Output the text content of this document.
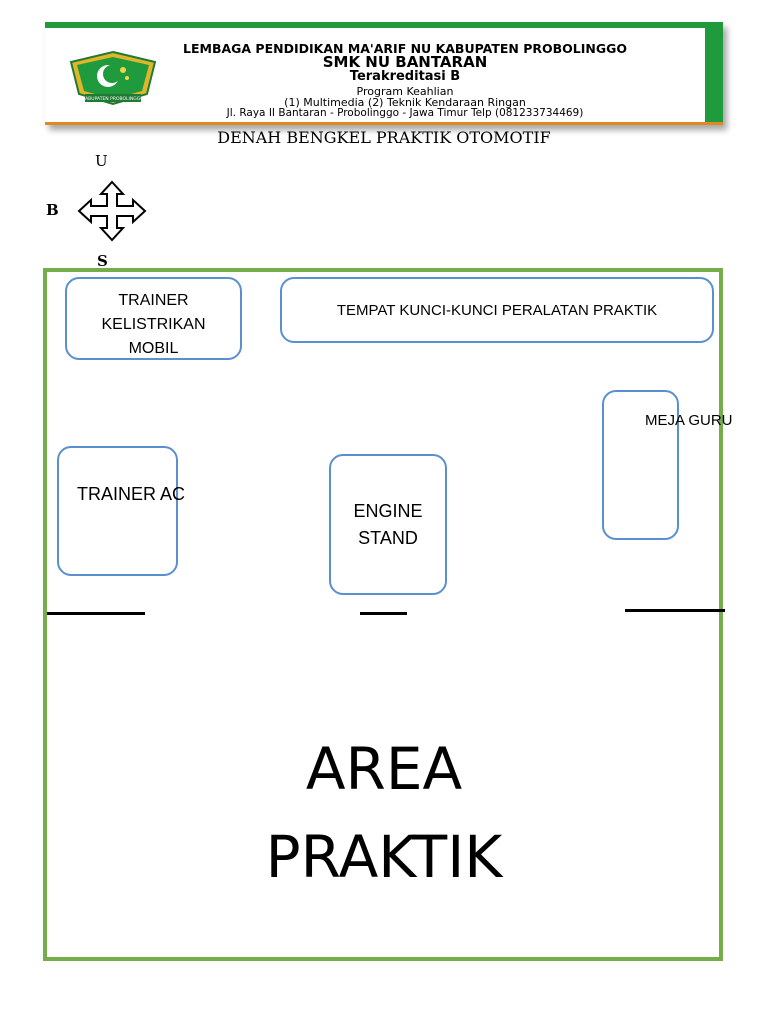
KABUPATEN PROBOLINGGO
LEMBAGA PENDIDIKAN MA'ARIF NU KABUPATEN PROBOLINGGO
SMK NU BANTARAN
Terakreditasi B
Program Keahlian
(1) Multimedia (2) Teknik Kendaraan Ringan
Jl. Raya II Bantaran - Probolinggo - Jawa Timur Telp (081233734469)
DENAH BENGKEL PRAKTIK OTOMOTIF
U
B
S
TRAINER
KELISTRIKAN
MOBIL
TEMPAT KUNCI-KUNCI PERALATAN PRAKTIK
MEJA GURU
TRAINER AC
ENGINE
STAND
AREA
PRAKTIK
